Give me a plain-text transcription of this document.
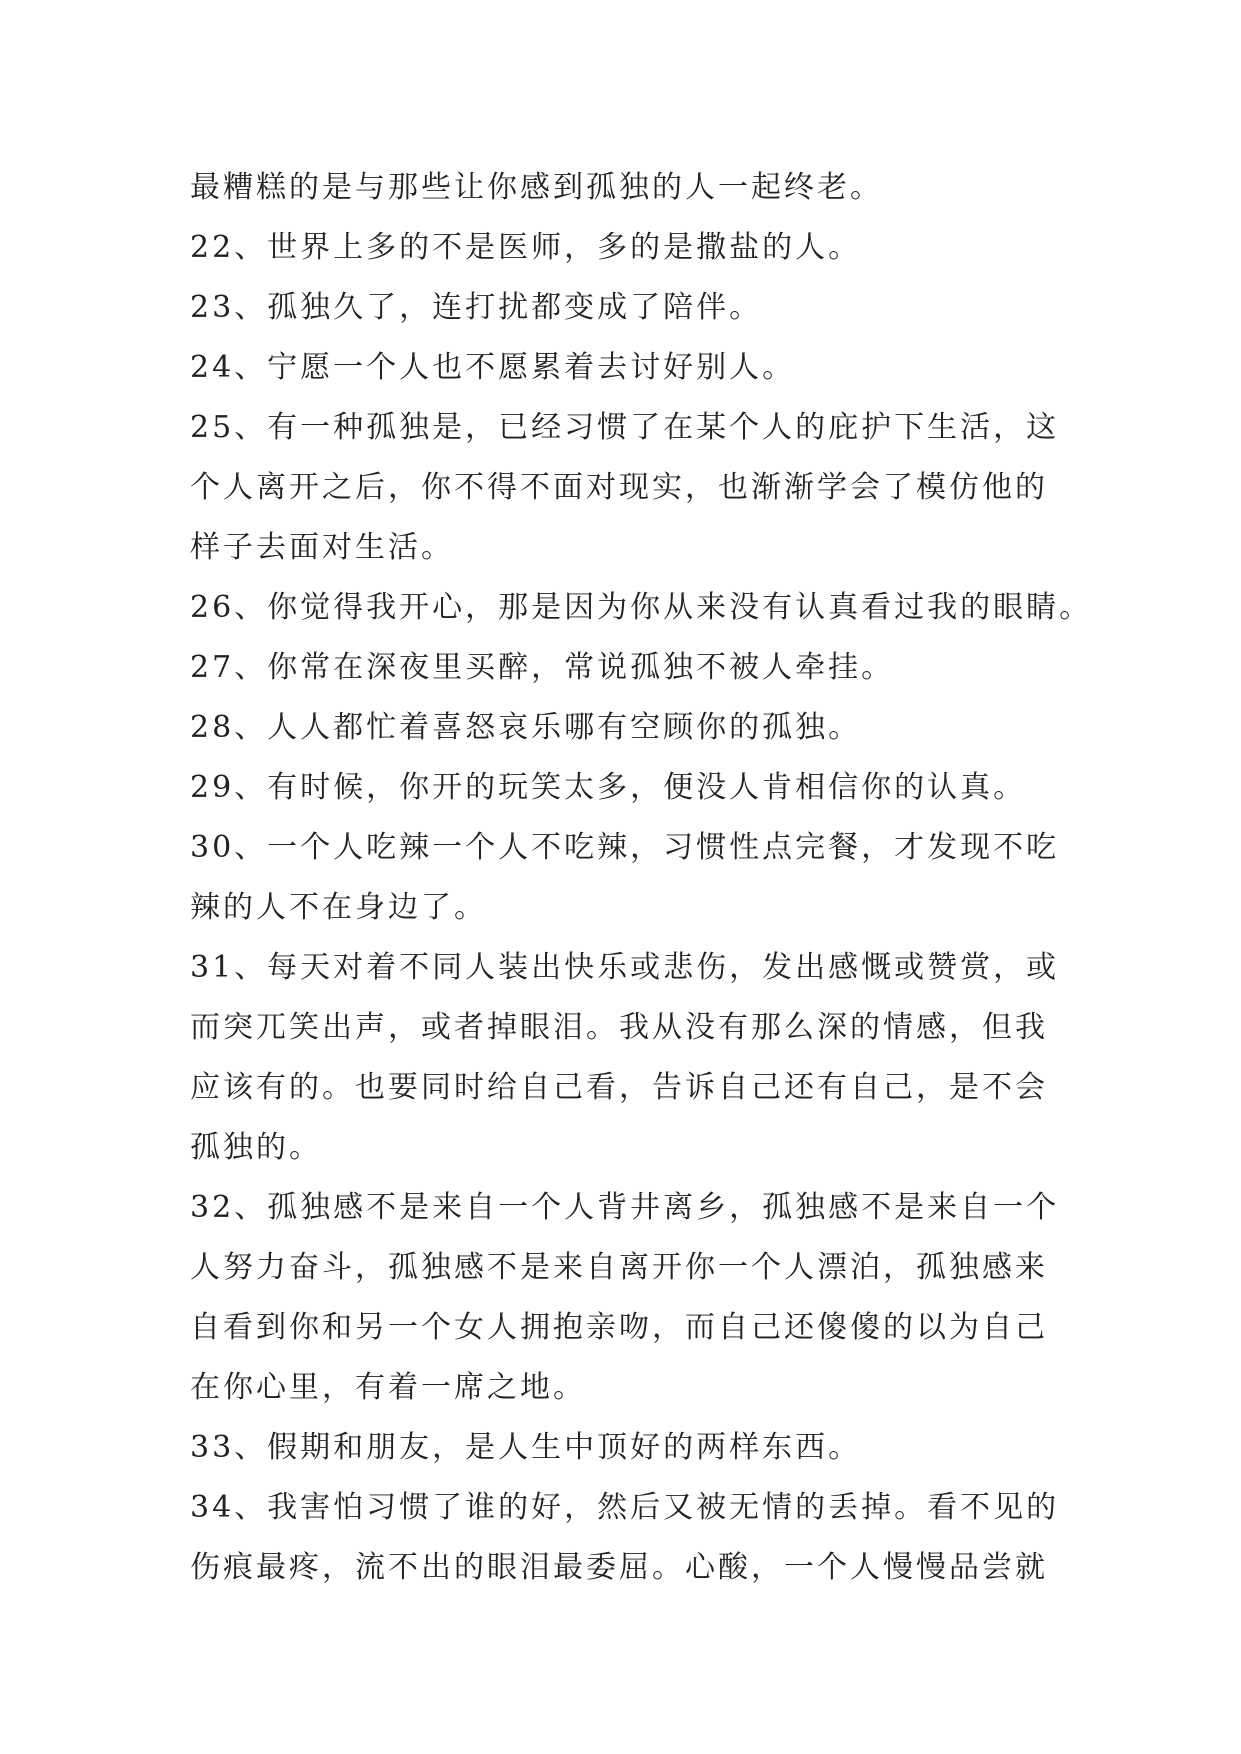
最糟糕的是与那些让你感到孤独的人一起终老。
22、世界上多的不是医师，多的是撒盐的人。
23、孤独久了，连打扰都变成了陪伴。
24、宁愿一个人也不愿累着去讨好别人。
25、有一种孤独是，已经习惯了在某个人的庇护下生活，这
个人离开之后，你不得不面对现实，也渐渐学会了模仿他的
样子去面对生活。
26、你觉得我开心，那是因为你从来没有认真看过我的眼睛。
27、你常在深夜里买醉，常说孤独不被人牵挂。
28、人人都忙着喜怒哀乐哪有空顾你的孤独。
29、有时候，你开的玩笑太多，便没人肯相信你的认真。
30、一个人吃辣一个人不吃辣，习惯性点完餐，才发现不吃
辣的人不在身边了。
31、每天对着不同人装出快乐或悲伤，发出感慨或赞赏，或
而突兀笑出声，或者掉眼泪。我从没有那么深的情感，但我
应该有的。也要同时给自己看，告诉自己还有自己，是不会
孤独的。
32、孤独感不是来自一个人背井离乡，孤独感不是来自一个
人努力奋斗，孤独感不是来自离开你一个人漂泊，孤独感来
自看到你和另一个女人拥抱亲吻，而自己还傻傻的以为自己
在你心里，有着一席之地。
33、假期和朋友，是人生中顶好的两样东西。
34、我害怕习惯了谁的好，然后又被无情的丢掉。看不见的
伤痕最疼，流不出的眼泪最委屈。心酸，一个人慢慢品尝就
